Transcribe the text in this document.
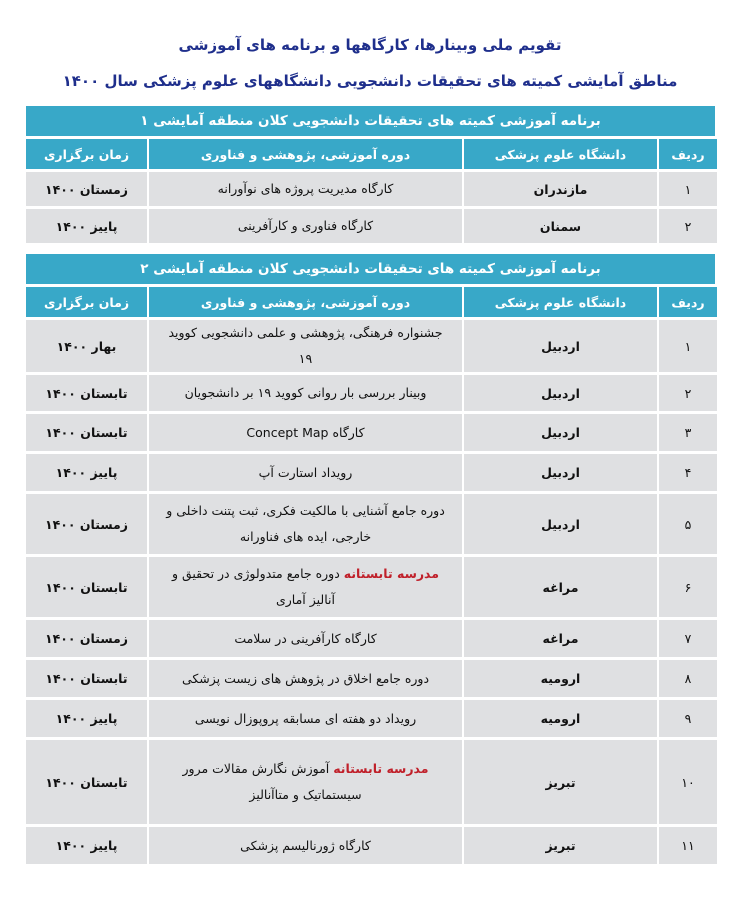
تقویم ملی وبینارها، کارگاهها و برنامه های آموزشی
مناطق آمایشی کمیته های تحقیقات دانشجویی دانشگاههای علوم پزشکی سال ۱۴۰۰
برنامه آموزشی کمیته های تحقیقات دانشجویی کلان منطقه آمایشی ۱			
ردیف	دانشگاه علوم پزشکی	دوره آموزشی، پژوهشی و فناوری	زمان برگزاری
۱	مازندران	کارگاه مدیریت پروژه های نوآورانه	زمستان ۱۴۰۰
۲	سمنان	کارگاه فناوری و کارآفرینی	پاییز ۱۴۰۰
برنامه آموزشی کمیته های تحقیقات دانشجویی کلان منطقه آمایشی ۲			
ردیف	دانشگاه علوم پزشکی	دوره آموزشی، پژوهشی و فناوری	زمان برگزاری
۱	اردبیل	جشنواره فرهنگی، پژوهشی و علمی دانشجویی کووید ۱۹	بهار ۱۴۰۰
۲	اردبیل	وبینار بررسی بار روانی کووید ۱۹ بر دانشجویان	تابستان ۱۴۰۰
۳	اردبیل	کارگاه Concept Map	تابستان ۱۴۰۰
۴	اردبیل	رویداد استارت آپ	پاییز ۱۴۰۰
۵	اردبیل	دوره جامع آشنایی با مالکیت فکری، ثبت پتنت داخلی و خارجی، ایده های فناورانه	زمستان ۱۴۰۰
۶	مراغه	مدرسه تابستانه دوره جامع متدولوژی در تحقیق و آنالیز آماری	تابستان ۱۴۰۰
۷	مراغه	کارگاه کارآفرینی در سلامت	زمستان ۱۴۰۰
۸	ارومیه	دوره جامع اخلاق در پژوهش های زیست پزشکی	تابستان ۱۴۰۰
۹	ارومیه	رویداد دو هفته ای مسابقه پروپوزال نویسی	پاییز ۱۴۰۰
۱۰	تبریز	مدرسه تابستانه آموزش نگارش مقالات مرور سیستماتیک و متاآنالیز	تابستان ۱۴۰۰
۱۱	تبریز	کارگاه ژورنالیسم پزشکی	پاییز ۱۴۰۰
